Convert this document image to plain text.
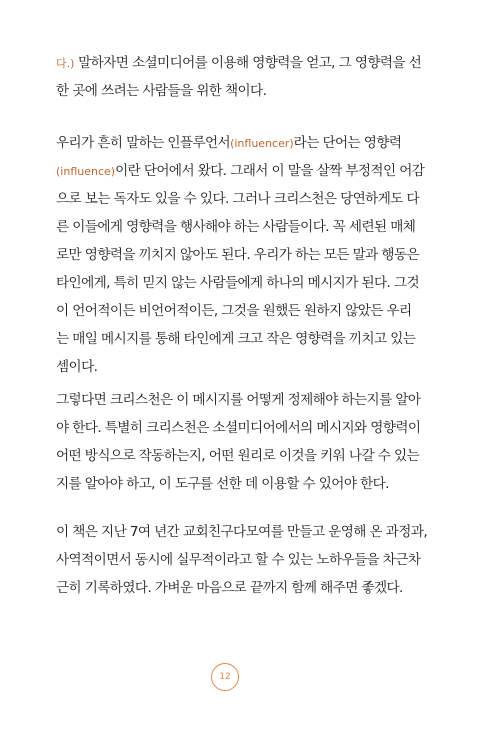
다.) 말하자면 소셜미디어를 이용해 영향력을 얻고, 그 영향력을 선
한 곳에 쓰려는 사람들을 위한 책이다.
우리가 흔히 말하는 인플루언서(influencer)라는 단어는 영향력
(influence)이란 단어에서 왔다. 그래서 이 말을 살짝 부정적인 어감
으로 보는 독자도 있을 수 있다. 그러나 크리스천은 당연하게도 다
른 이들에게 영향력을 행사해야 하는 사람들이다. 꼭 세련된 매체
로만 영향력을 끼치지 않아도 된다. 우리가 하는 모든 말과 행동은
타인에게, 특히 믿지 않는 사람들에게 하나의 메시지가 된다. 그것
이 언어적이든 비언어적이든, 그것을 원했든 원하지 않았든 우리
는 매일 메시지를 통해 타인에게 크고 작은 영향력을 끼치고 있는
셈이다.
그렇다면 크리스천은 이 메시지를 어떻게 정제해야 하는지를 알아
야 한다. 특별히 크리스천은 소셜미디어에서의 메시지와 영향력이
어떤 방식으로 작동하는지, 어떤 원리로 이것을 키워 나갈 수 있는
지를 알아야 하고, 이 도구를 선한 데 이용할 수 있어야 한다.
이 책은 지난 7여 년간 교회친구다모여를 만들고 운영해 온 과정과,
사역적이면서 동시에 실무적이라고 할 수 있는 노하우들을 차근차
근히 기록하였다. 가벼운 마음으로 끝까지 함께 해주면 좋겠다.
12
